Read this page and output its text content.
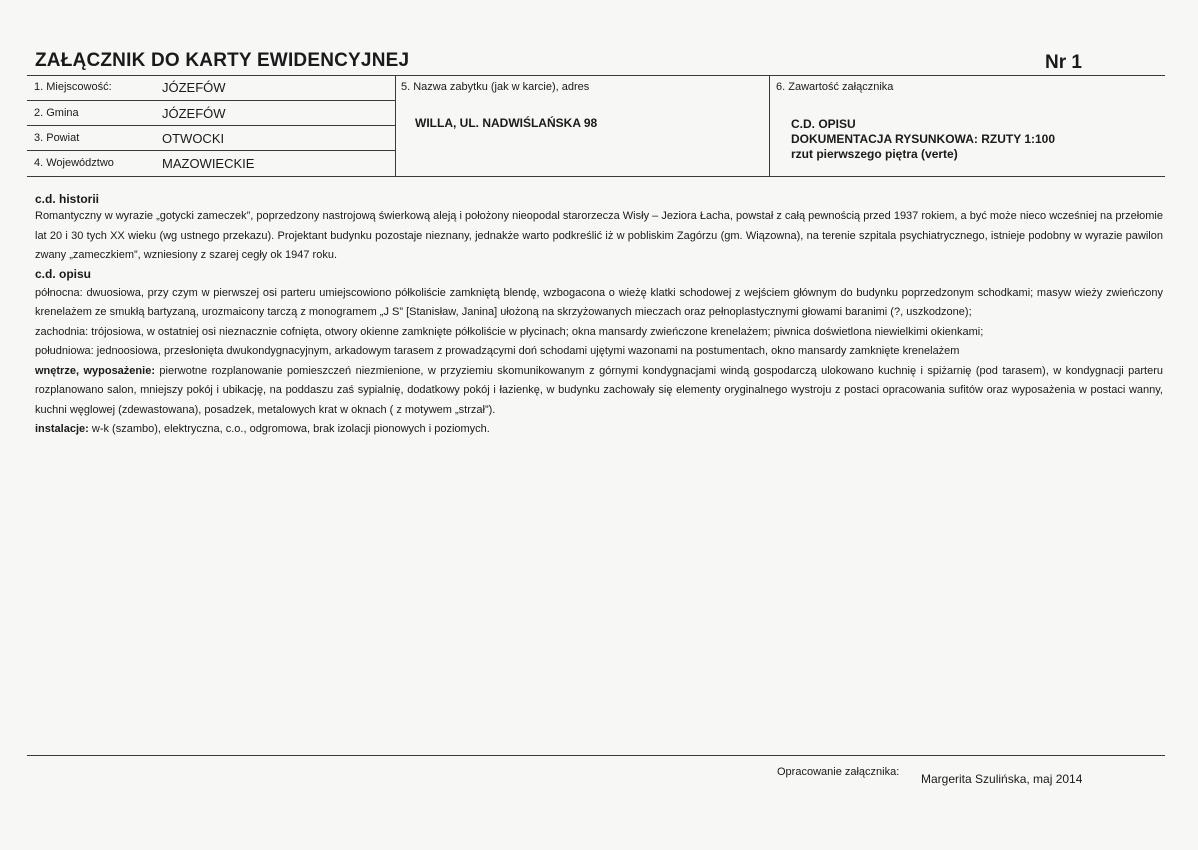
ZAŁĄCZNIK DO KARTY EWIDENCYJNEJ	Nr 1
1. Miejscowość:	JÓZEFÓW
2. Gmina	JÓZEFÓW
3. Powiat	OTWOCKI
4. Województwo	MAZOWIECKIE
5. Nazwa zabytku (jak w karcie), adres
WILLA, UL. NADWIŚLAŃSKA 98
6. Zawartość załącznika
C.D. OPISU
DOKUMENTACJA RYSUNKOWA: RZUTY 1:100
rzut pierwszego piętra (verte)
c.d. historii

Romantyczny w wyrazie „gotycki zameczek”, poprzedzony nastrojową świerkową aleją i położony nieopodal starorzecza Wisły – Jeziora Łacha, powstał z całą pewnością przed 1937 rokiem, a być może nieco wcześniej na przełomie lat 20 i 30 tych XX wieku (wg ustnego przekazu). Projektant budynku pozostaje nieznany, jednakże warto podkreślić iż w pobliskim Zagórzu (gm. Wiązowna), na terenie szpitala psychiatrycznego, istnieje podobny w wyrazie pawilon zwany „zameczkiem”, wzniesiony z szarej cegły ok 1947 roku.

c.d. opisu

północna: dwuosiowa, przy czym w pierwszej osi parteru umiejscowiono półkoliście zamkniętą blendę, wzbogacona o wieżę klatki schodowej z wejściem głównym do budynku poprzedzonym schodkami; masyw wieży zwieńczony krenelażem ze smukłą bartyzaną, urozmaicony tarczą z monogramem „J S” [Stanisław, Janina] ułożoną na skrzyżowanych mieczach oraz pełnoplastycznymi głowami baranimi (?, uszkodzone);

zachodnia: trójosiowa, w ostatniej osi nieznacznie cofnięta, otwory okienne zamknięte półkoliście w płycinach; okna mansardy zwieńczone krenelażem; piwnica doświetlona niewielkimi okienkami;

południowa: jednoosiowa, przesłonięta dwukondygnacyjnym, arkadowym tarasem z prowadzącymi doń schodami ujętymi wazonami na postumentach, okno mansardy zamknięte krenelażem

wnętrze, wyposażenie: pierwotne rozplanowanie pomieszczeń niezmienione, w przyziemiu skomunikowanym z górnymi kondygnacjami windą gospodarczą ulokowano kuchnię i spiżarnię (pod tarasem), w kondygnacji parteru rozplanowano salon, mniejszy pokój i ubikację, na poddaszu zaś sypialnię, dodatkowy pokój i łazienkę, w budynku zachowały się elementy oryginalnego wystroju z postaci opracowania sufitów oraz wyposażenia w postaci wanny, kuchni węglowej (zdewastowana), posadzek, metalowych krat w oknach ( z motywem „strzał”).

instalacje: w-k (szambo), elektryczna, c.o., odgromowa, brak izolacji pionowych i poziomych.

Opracowanie załącznika: Margerita Szulińska, maj 2014
